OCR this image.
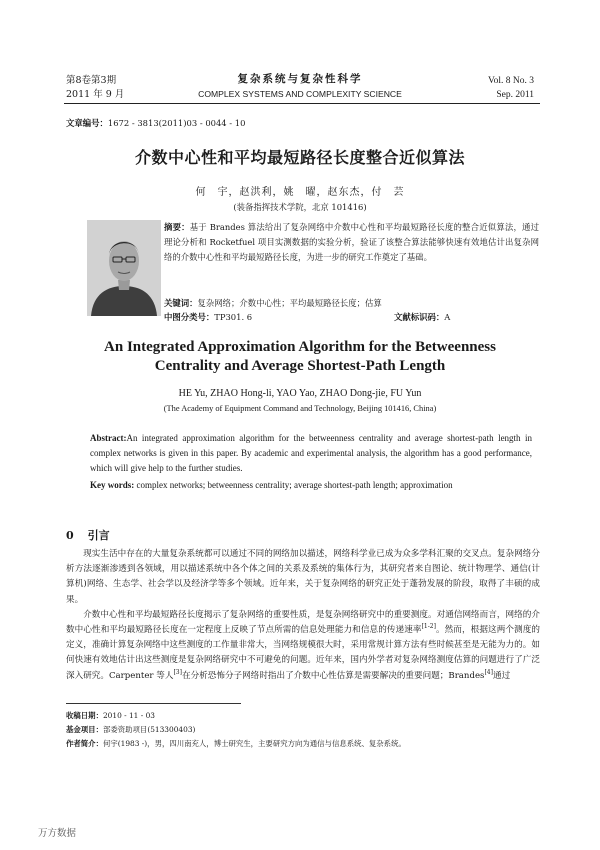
第8卷第3期
2011 年 9 月
复杂系统与复杂性科学
COMPLEX SYSTEMS AND COMPLEXITY SCIENCE
Vol. 8 No. 3
Sep. 2011
文章编号：1672 - 3813(2011)03 - 0044 - 10
介数中心性和平均最短路径长度整合近似算法
何　宇，赵洪利，姚　曜，赵东杰，付　芸
(装备指挥技术学院，北京 101416)
摘要：基于 Brandes 算法给出了复杂网络中介数中心性和平均最短路径长度的整合近似算法，通过理论分析和 Rocketfuel 项目实测数据的实验分析，验证了该整合算法能够快速有效地估计出复杂网络的介数中心性和平均最短路径长度，为进一步的研究工作奠定了基础。
关键词：复杂网络；介数中心性；平均最短路径长度；估算
中图分类号：TP301. 6	文献标识码：A
An Integrated Approximation Algorithm for the Betweenness
Centrality and Average Shortest-Path Length
HE Yu, ZHAO Hong-li, YAO Yao, ZHAO Dong-jie, FU Yun
(The Academy of Equipment Command and Technology, Beijing 101416, China)
Abstract:An integrated approximation algorithm for the betweenness centrality and average shortest-path length in complex networks is given in this paper. By academic and experimental analysis, the algorithm has a good performance, which will give help to the further studies.
Key words: complex networks; betweenness centrality; average shortest-path length; approximation
0 引言

现实生活中存在的大量复杂系统都可以通过不同的网络加以描述，网络科学业已成为众多学科汇聚的交叉点。复杂网络分析方法逐渐渗透到各领域，用以描述系统中各个体之间的关系及系统的集体行为，其研究者来自图论、统计物理学、通信(计算机)网络、生态学、社会学以及经济学等多个领域。近年来，关于复杂网络的研究正处于蓬勃发展的阶段，取得了丰硕的成果。

介数中心性和平均最短路径长度揭示了复杂网络的重要性质，是复杂网络研究中的重要测度。对通信网络而言，网络的介数中心性和平均最短路径长度在一定程度上反映了节点所需的信息处理能力和信息的传递速率[1-2]。然而，根据这两个测度的定义，准确计算复杂网络中这些测度的工作量非常大，当网络规模很大时，采用常规计算方法有些时候甚至是无能为力的。如何快速有效地估计出这些测度是复杂网络研究中不可避免的问题。近年来，国内外学者对复杂网络测度估算的问题进行了广泛深入研究。Carpenter 等人[3]在分析恐怖分子网络时指出了介数中心性估算是需要解决的重要问题；Brandes[4]通过

收稿日期：2010 - 11 - 03
基金项目：部委资助项目(513300403)
作者简介：何宇(1983 -)，男，四川南充人，博士研究生，主要研究方向为通信与信息系统、复杂系统。
万方数据
